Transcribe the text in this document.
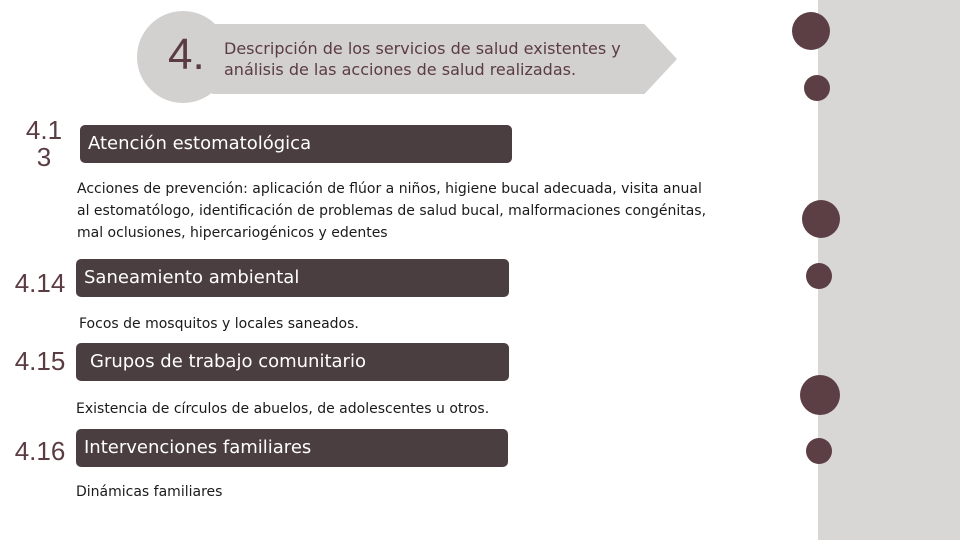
4. Descripción de los servicios de salud existentes y análisis de las acciones de salud realizadas.
4.1 3	Atención estomatológica
Acciones de prevención: aplicación de flúor a niños, higiene bucal adecuada, visita anual al estomatólogo, identificación de problemas de salud bucal, malformaciones congénitas, mal oclusiones, hipercariogénicos y edentes
4.14	Saneamiento ambiental
Focos de mosquitos y locales saneados.
4.15	Grupos de trabajo comunitario
Existencia de círculos de abuelos, de adolescentes u otros.
4.16	Intervenciones familiares
Dinámicas familiares
